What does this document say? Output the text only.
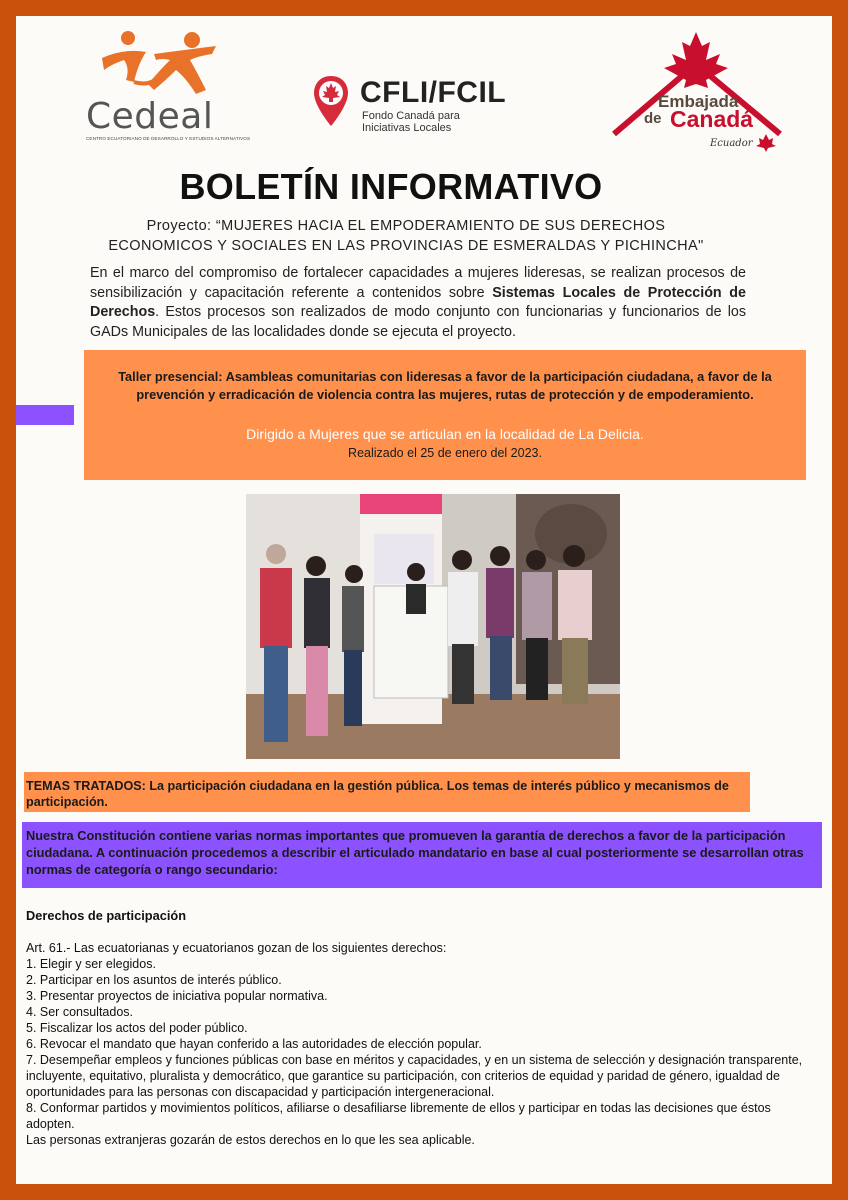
Cedeal
CENTRO ECUATORIANO DE DESARROLLO Y ESTUDIOS ALTERNATIVOS
CFLI/FCIL
Fondo Canadá para
Iniciativas Locales
Embajada
de Canadá
Ecuador
BOLETÍN INFORMATIVO
Proyecto: “MUJERES HACIA EL EMPODERAMIENTO DE SUS DERECHOS
ECONOMICOS Y SOCIALES EN LAS PROVINCIAS DE ESMERALDAS Y PICHINCHA"
En el marco del compromiso de fortalecer capacidades a mujeres lideresas, se realizan procesos de sensibilización y capacitación referente a contenidos sobre Sistemas Locales de Protección de Derechos. Estos procesos son realizados de modo conjunto con funcionarias y funcionarios de los GADs Municipales de las localidades donde se ejecuta el proyecto.
Taller presencial: Asambleas comunitarias con lideresas a favor de la participación ciudadana, a favor de la prevención y erradicación de violencia contra las mujeres, rutas de protección y de empoderamiento.
Dirigido a Mujeres que se articulan en la localidad de La Delicia.
Realizado el 25 de enero del 2023.
TEMAS TRATADOS: La participación ciudadana en la gestión pública. Los temas de interés público y mecanismos de participación.
Nuestra Constitución contiene varias normas importantes que promueven la garantía de derechos a favor de la participación ciudadana. A continuación procedemos a describir el articulado mandatario en base al cual posteriormente se desarrollan otras normas de categoría o rango secundario:
Derechos de participación
Art. 61.- Las ecuatorianas y ecuatorianos gozan de los siguientes derechos:
1. Elegir y ser elegidos.
2. Participar en los asuntos de interés público.
3. Presentar proyectos de iniciativa popular normativa.
4. Ser consultados.
5. Fiscalizar los actos del poder público.
6. Revocar el mandato que hayan conferido a las autoridades de elección popular.
7. Desempeñar empleos y funciones públicas con base en méritos y capacidades, y en un sistema de selección y designación transparente, incluyente, equitativo, pluralista y democrático, que garantice su participación, con criterios de equidad y paridad de género, igualdad de oportunidades para las personas con discapacidad y participación intergeneracional.
8. Conformar partidos y movimientos políticos, afiliarse o desafiliarse libremente de ellos y participar en todas las decisiones que éstos adopten.
Las personas extranjeras gozarán de estos derechos en lo que les sea aplicable.
